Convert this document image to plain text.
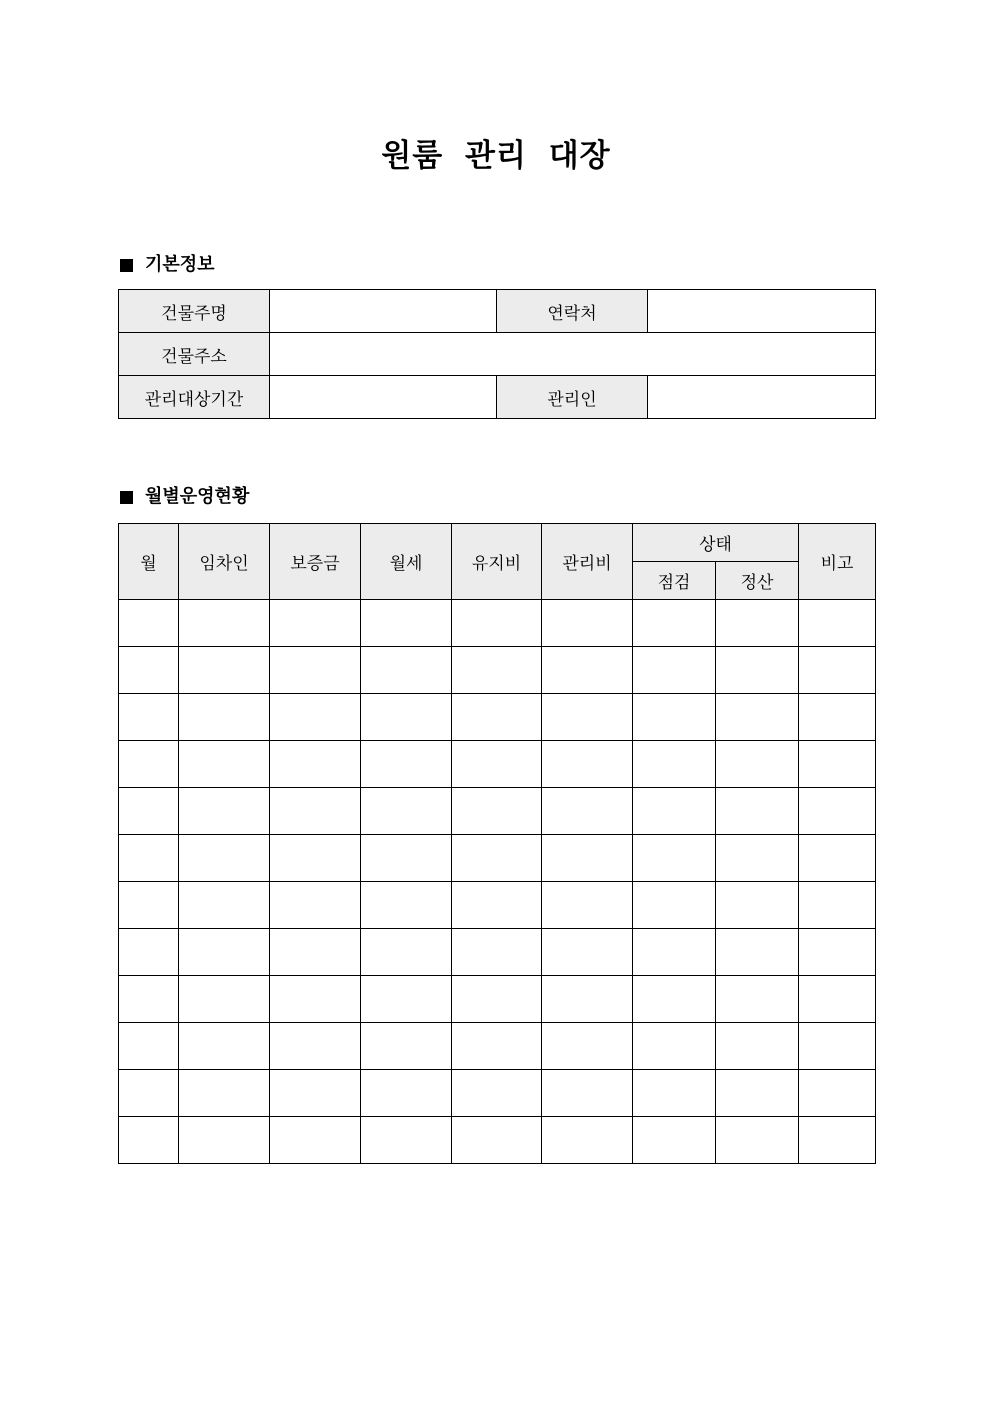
원룸 관리 대장
기본정보
건물주명		연락처	
건물주소			
관리대상기간		관리인	
월별운영현황
월	임차인	보증금	월세	유지비	관리비	상태		비고
						점검	정산	
